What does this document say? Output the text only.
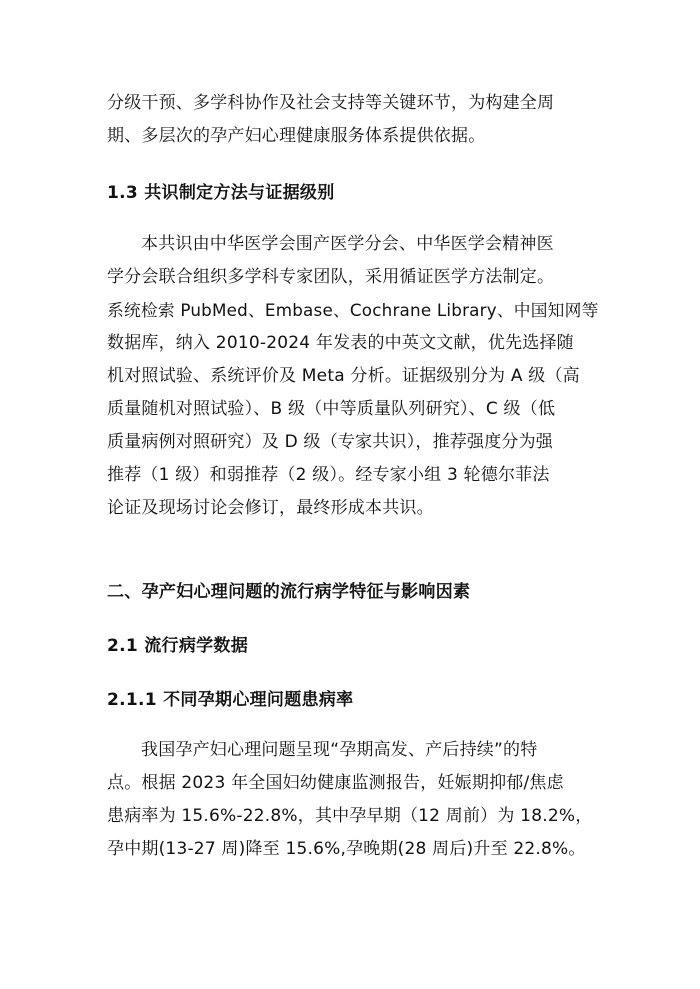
分级干预、多学科协作及社会支持等关键环节，为构建全周
期、多层次的孕产妇心理健康服务体系提供依据。
1.3 共识制定方法与证据级别
本共识由中华医学会围产医学分会、中华医学会精神医
学分会联合组织多学科专家团队，采用循证医学方法制定。
系统检索 PubMed、Embase、Cochrane Library、中国知网等
数据库，纳入 2010-2024 年发表的中英文文献，优先选择随
机对照试验、系统评价及 Meta 分析。证据级别分为 A 级（高
质量随机对照试验）、B 级（中等质量队列研究）、C 级（低
质量病例对照研究）及 D 级（专家共识），推荐强度分为强
推荐（1 级）和弱推荐（2 级）。经专家小组 3 轮德尔菲法
论证及现场讨论会修订，最终形成本共识。
二、孕产妇心理问题的流行病学特征与影响因素
2.1 流行病学数据
2.1.1 不同孕期心理问题患病率
我国孕产妇心理问题呈现“孕期高发、产后持续”的特
点。根据 2023 年全国妇幼健康监测报告，妊娠期抑郁/焦虑
患病率为 15.6%-22.8%，其中孕早期（12 周前）为 18.2%，
孕中期(13-27 周)降至 15.6%,孕晚期(28 周后)升至 22.8%。
